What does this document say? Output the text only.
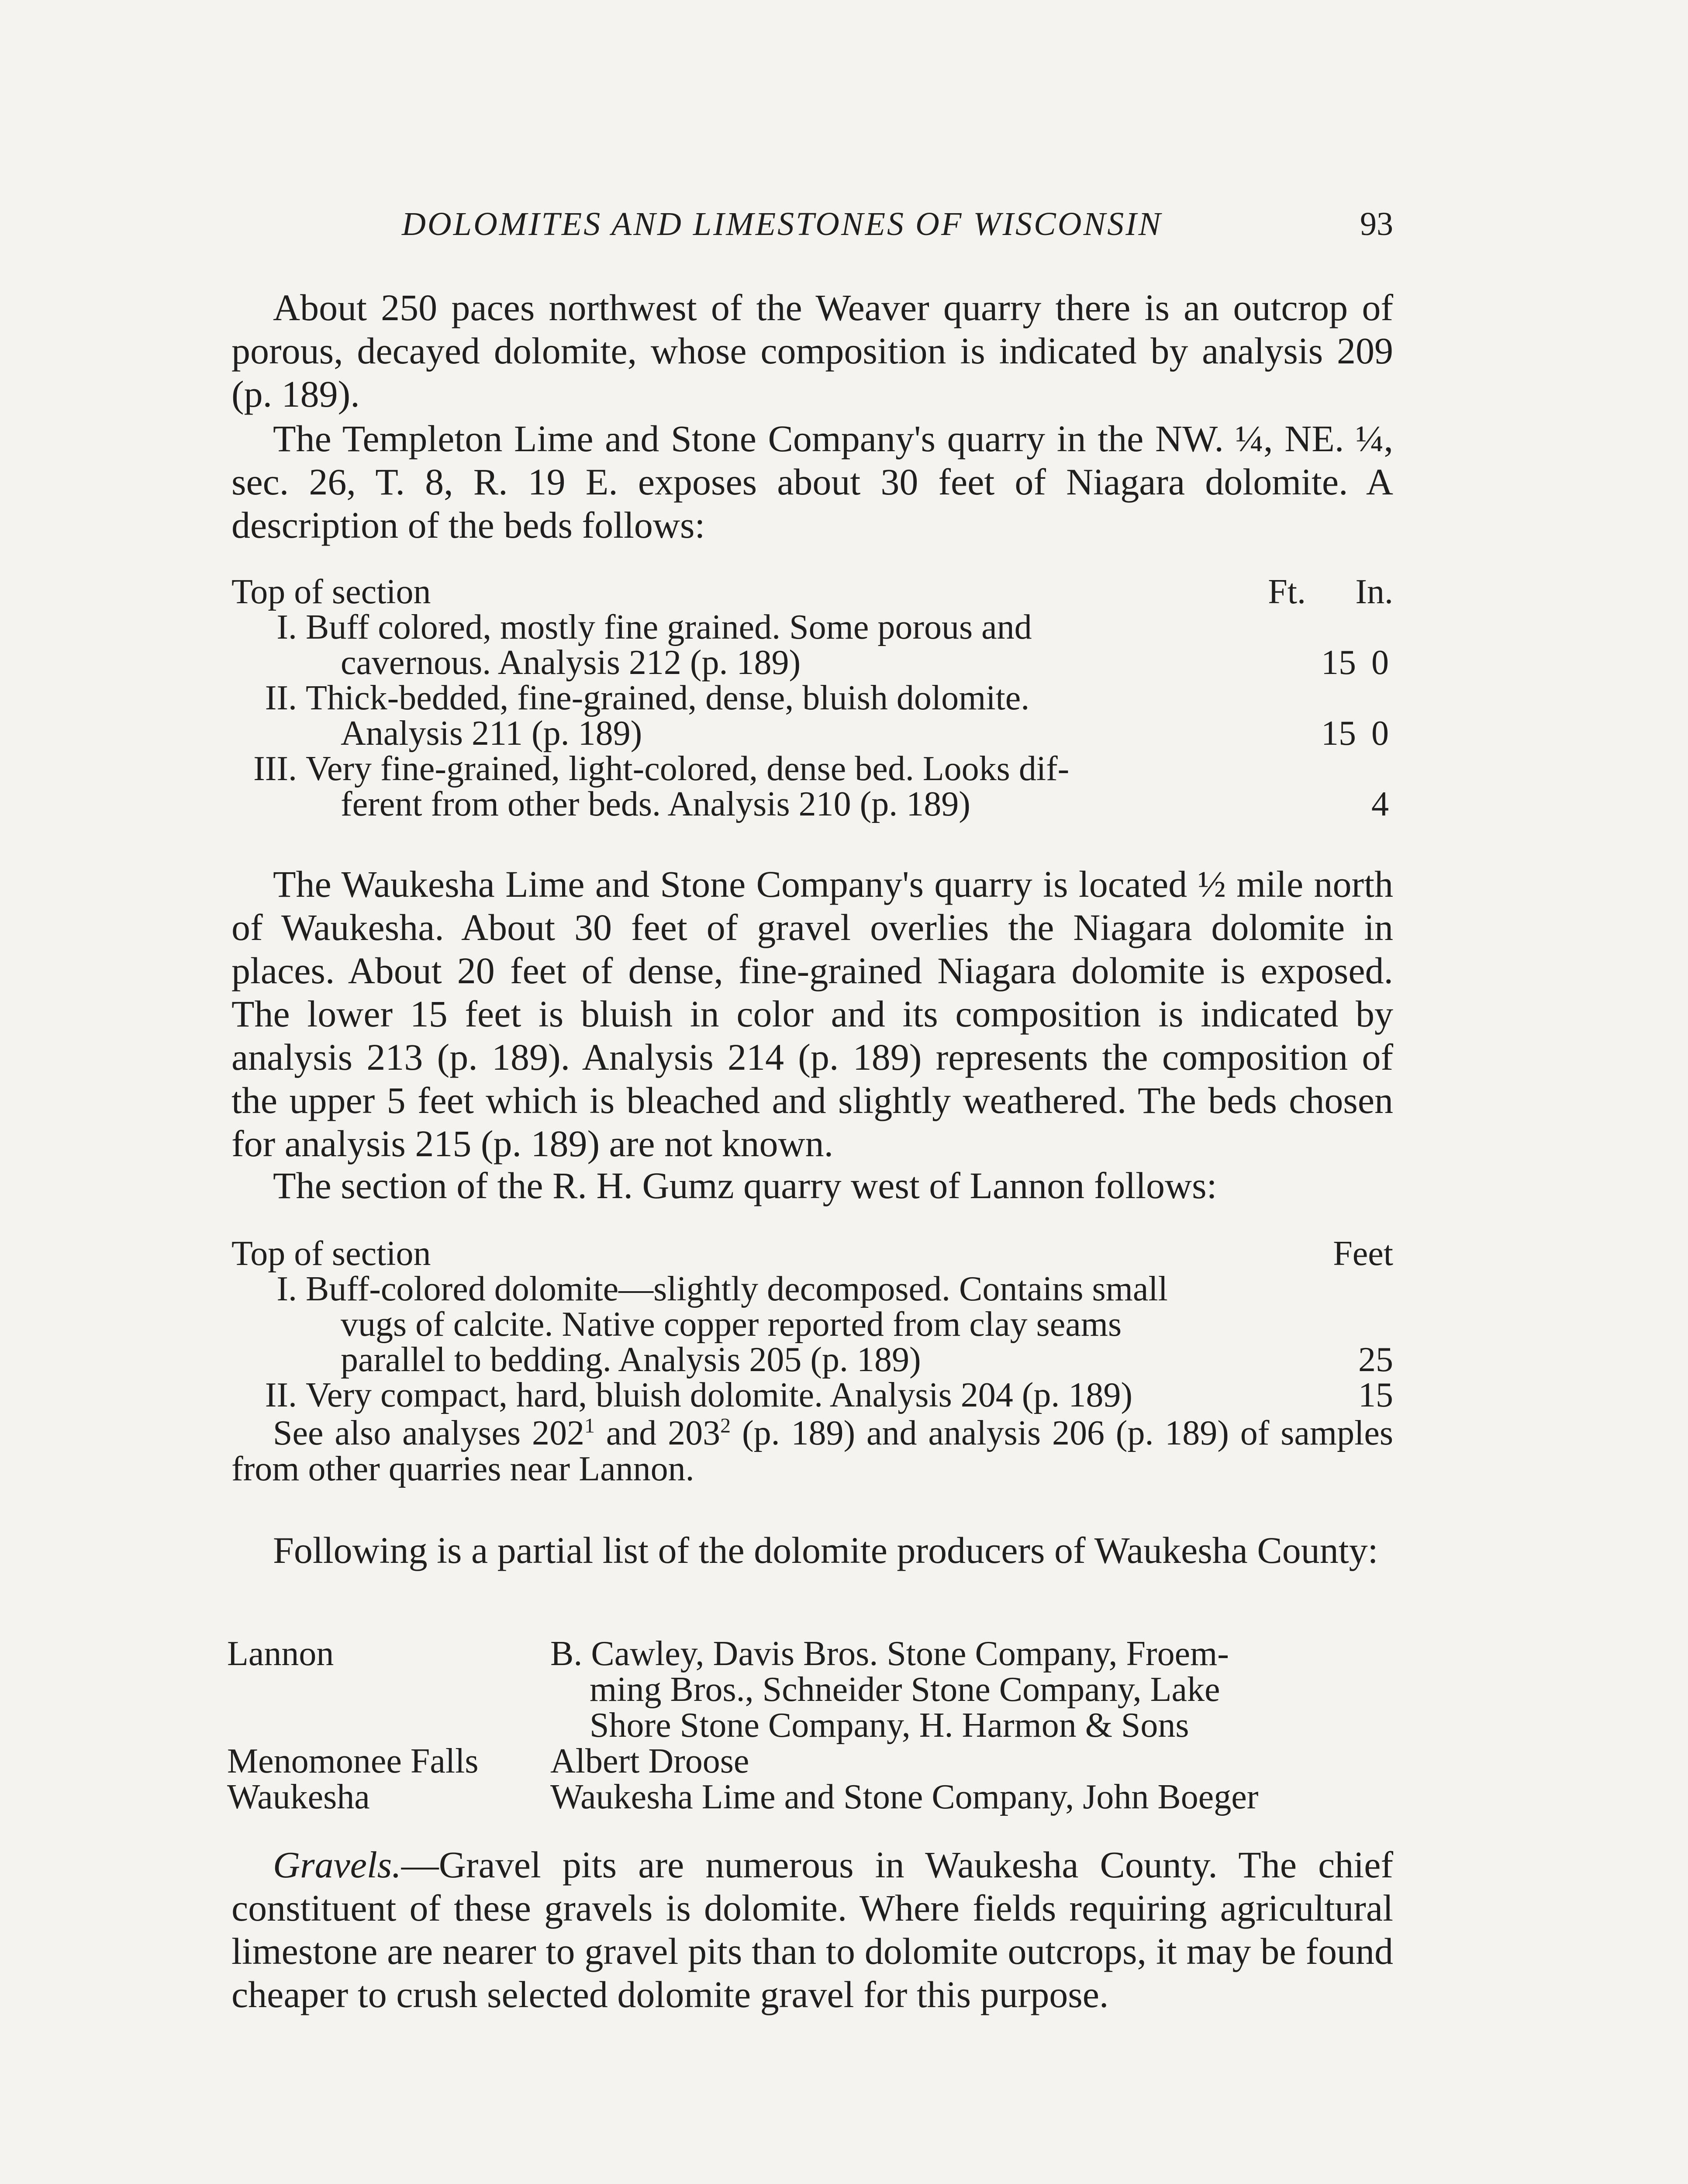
DOLOMITES AND LIMESTONES OF WISCONSIN	93

About 250 paces northwest of the Weaver quarry there is an outcrop of porous, decayed dolomite, whose composition is indicated by analysis 209 (p. 189).

The Templeton Lime and Stone Company's quarry in the NW. ¼, NE. ¼, sec. 26, T. 8, R. 19 E. exposes about 30 feet of Niagara dolomite. A description of the beds follows:

Top of section	Ft. In.
I. Buff colored, mostly fine grained. Some porous and
cavernous. Analysis 212 (p. 189)	15 0
II. Thick-bedded, fine-grained, dense, bluish dolomite.
Analysis 211 (p. 189)	15 0
III. Very fine-grained, light-colored, dense bed. Looks dif-
ferent from other beds. Analysis 210 (p. 189)	4

The Waukesha Lime and Stone Company's quarry is located ½ mile north of Waukesha. About 30 feet of gravel overlies the Niagara dolomite in places. About 20 feet of dense, fine-grained Niagara dolomite is exposed. The lower 15 feet is bluish in color and its composition is indicated by analysis 213 (p. 189). Analysis 214 (p. 189) represents the composition of the upper 5 feet which is bleached and slightly weathered. The beds chosen for analysis 215 (p. 189) are not known.

The section of the R. H. Gumz quarry west of Lannon follows:

Top of section	Feet
I. Buff-colored dolomite—slightly decomposed. Contains small
vugs of calcite. Native copper reported from clay seams
parallel to bedding. Analysis 205 (p. 189)	25
II. Very compact, hard, bluish dolomite. Analysis 204 (p. 189)	15

See also analyses $202^1$ and $203^2$ (p. 189) and analysis 206 (p. 189) of samples from other quarries near Lannon.

Following is a partial list of the dolomite producers of Waukesha County:

Lannon	B. Cawley, Davis Bros. Stone Company, Froem-
ming Bros., Schneider Stone Company, Lake
Shore Stone Company, H. Harmon & Sons
Menomonee Falls	Albert Droose
Waukesha	Waukesha Lime and Stone Company, John Boeger

Gravels.—Gravel pits are numerous in Waukesha County. The chief constituent of these gravels is dolomite. Where fields requiring agricultural limestone are nearer to gravel pits than to dolomite outcrops, it may be found cheaper to crush selected dolomite gravel for this purpose.
